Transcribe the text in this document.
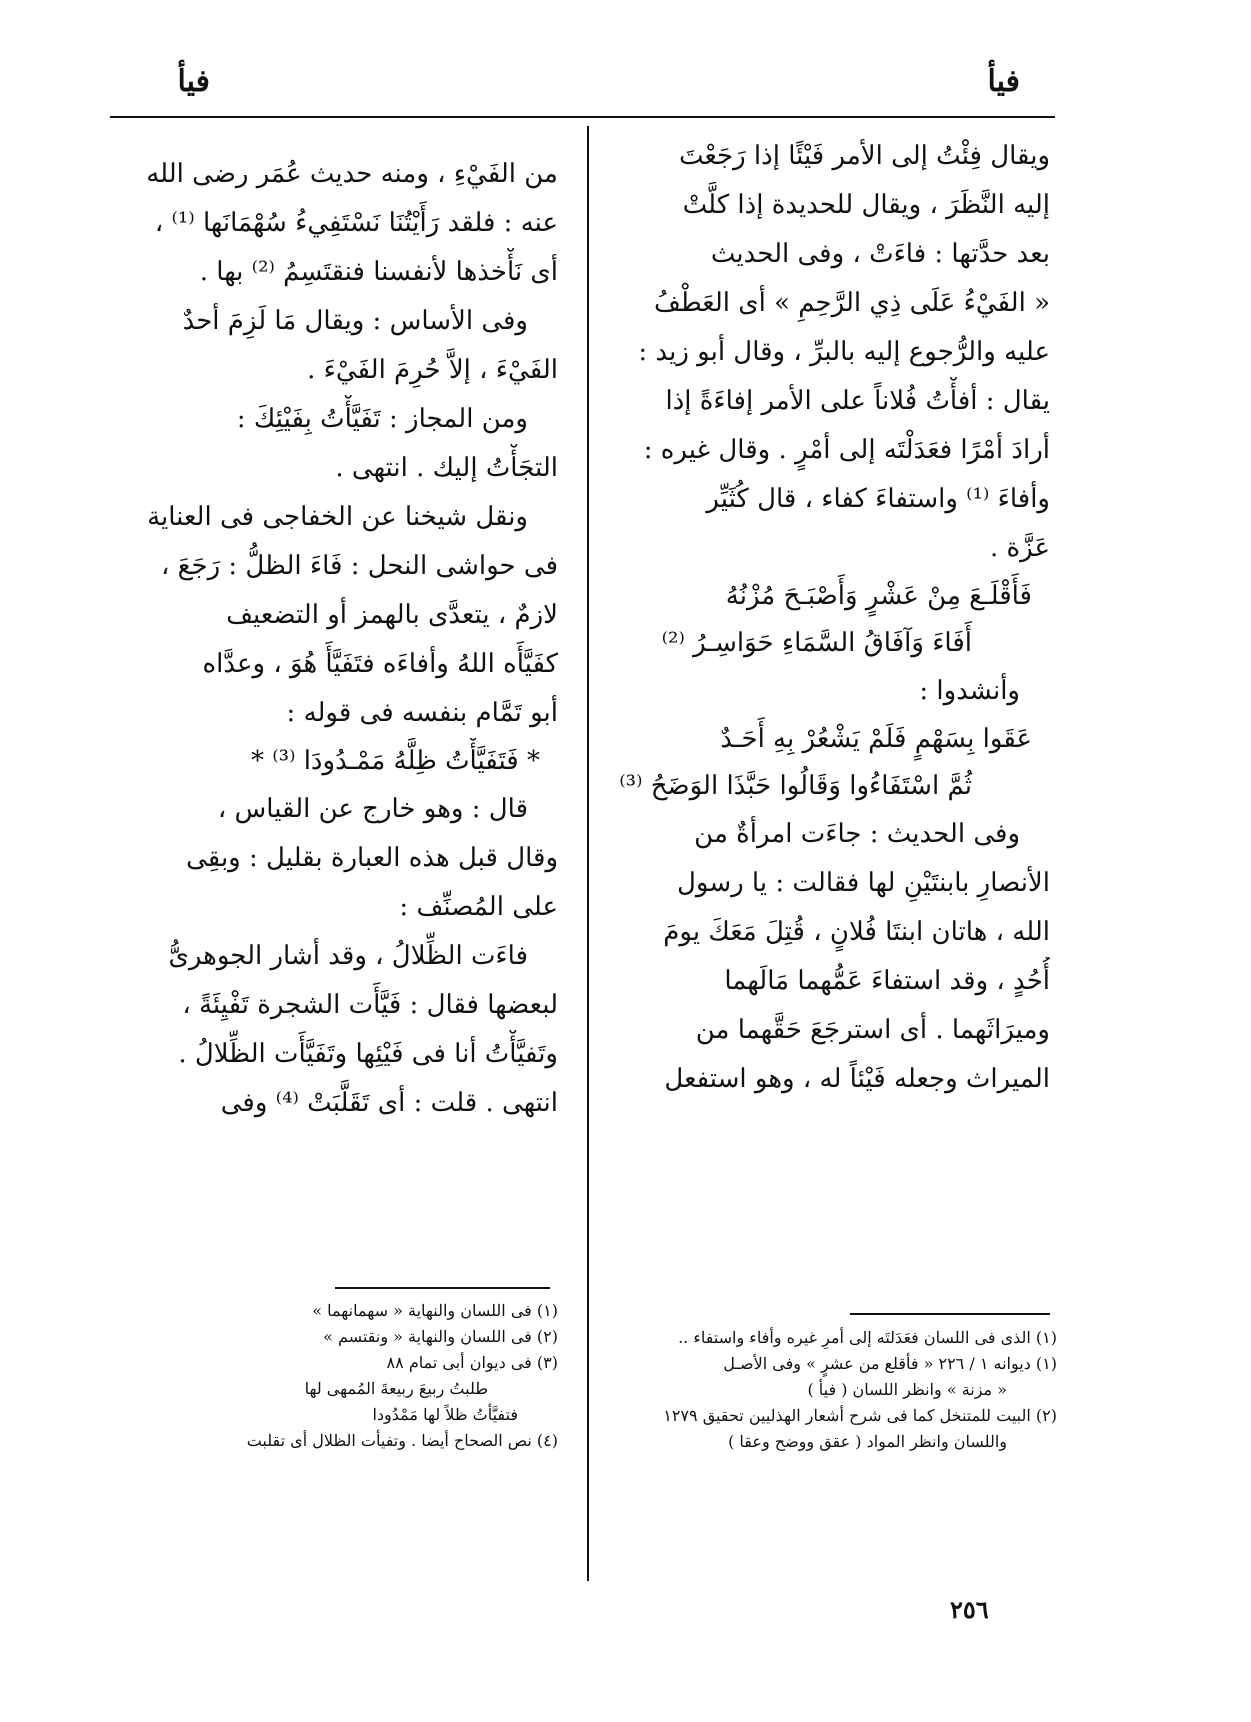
فيأ
فيأ
ويقال فِئْتُ إلى الأمر فَيْئًا إذا رَجَعْتَ
إليه النَّظَرَ ، ويقال للحديدة إذا كلَّتْ
بعد حدَّتها : فاءَتْ ، وفى الحديث
« الفَيْءُ عَلَى ذِي الرَّحِمِ » أى العَطْفُ
عليه والرُّجوع إليه بالبرِّ ، وقال أبو زيد :
يقال : أفأْتُ فُلاناً على الأمر إفاءَةً إذا
أرادَ أمْرًا فعَدَلْتَه إلى أمْرٍ . وقال غيره :
وأفاءَ ⁽¹⁾ واستفاءَ كفاء ، قال كُثَيِّر
عَزَّة .
فَأَقْلَـعَ مِنْ عَشْرٍ وَأَصْبَـحَ مُزْنُهُ
أَفَاءَ وَآفَاقُ السَّمَاءِ حَوَاسِـرُ ⁽²⁾
وأنشدوا :
عَقَوا بِسَهْمٍ فَلَمْ يَشْعُرْ بِهِ أَحَـدٌ
ثُمَّ اسْتَفَاءُوا وَقَالُوا حَبَّذَا الوَضَحُ ⁽³⁾
وفى الحديث : جاءَت امرأةٌ من
الأنصارِ بابنتَيْنِ لها فقالت : يا رسول
الله ، هاتان ابنتَا فُلانٍ ، قُتِلَ مَعَكَ يومَ
أُحُدٍ ، وقد استفاءَ عَمُّهما مَالَهما
وميرَاثَهما . أى استرجَعَ حَقَّهما من
الميراث وجعله فَيْئاً له ، وهو استفعل
(١) الذى فى اللسان فعَدَلتَه إلى أمرِ غيره وأفاء واستفاء ..
(١) ديوانه ١ / ٢٢٦ « فأقلع من عشرٍ » وفى الأصـل
« مزنة » وانظر اللسان ( فيأ )
(٢) البيت للمتنخل كما فى شرح أشعار الهذليين تحقيق ١٢٧٩
واللسان وانظر المواد ( عقق ووضح وعقا )
من الفَيْءِ ، ومنه حديث عُمَر رضى الله
عنه : فلقد رَأَيْتُنَا نَسْتَفِيءُ سُهْمَانَها ⁽¹⁾ ،
أى نَأْخذها لأنفسنا فنقتَسِمُ ⁽²⁾ بها .
وفى الأساس : ويقال مَا لَزِمَ أحدٌ
الفَيْءَ ، إلاَّ حُرِمَ الفَيْءَ .
ومن المجاز : تَفَيَّأْتُ بِفَيْئِكَ :
التجَأْتُ إليك . انتهى .
ونقل شيخنا عن الخفاجى فى العناية
فى حواشى النحل : فَاءَ الظلُّ : رَجَعَ ،
لازمٌ ، يتعدَّى بالهمز أو التضعيف
كفَيَّأَه اللهُ وأفاءَه فتَفَيَّأَ هُوَ ، وعدَّاه
أبو تَمَّام بنفسه فى قوله :
* فَتَفَيَّأْتُ ظِلَّهُ مَمْـدُودَا ⁽³⁾ *
قال : وهو خارج عن القياس ،
وقال قبل هذه العبارة بقليل : وبقِى
على المُصنِّف :
فاءَت الظِّلالُ ، وقد أشار الجوهرىُّ
لبعضها فقال : فَيَّأَت الشجرة تَفْيِئَةً ،
وتَفيَّأْتُ أنا فى فَيْئِها وتَفَيَّأَت الظِّلالُ .
انتهى . قلت : أى تَقَلَّبَتْ ⁽⁴⁾ وفى
(١) فى اللسان والنهاية « سهمانهما »
(٢) فى اللسان والنهاية « ونقتسم »
(٣) فى ديوان أبى تمام ٨٨
طلبتُ ربيعَ ربيعةَ المُمهى لها
فتفيَّأْتُ ظلاً لها مَمْدُودا
(٤) نص الصحاح أيضا . وتفيأت الظلال أى تقلبت
٢٥٦
